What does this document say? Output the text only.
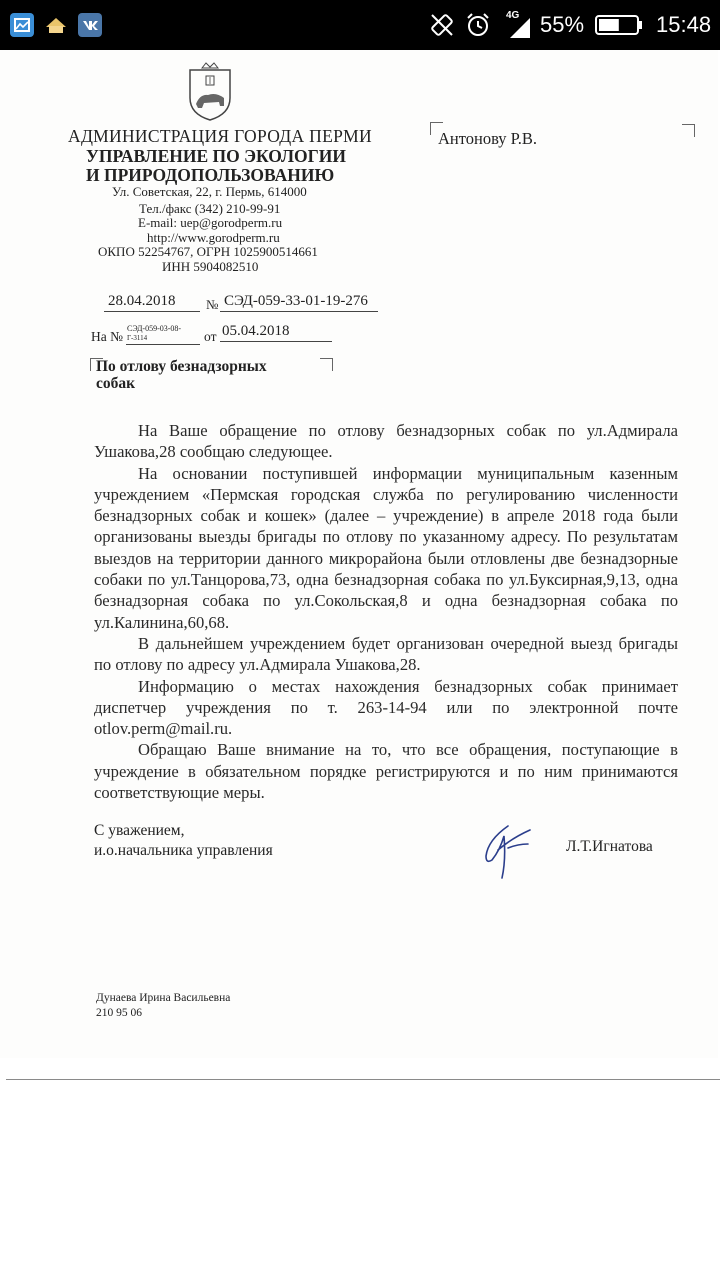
4G 55%	15:48
АДМИНИСТРАЦИЯ ГОРОДА ПЕРМИ
УПРАВЛЕНИЕ ПО ЭКОЛОГИИ
И ПРИРОДОПОЛЬЗОВАНИЮ
Ул. Советская, 22, г. Пермь, 614000
Тел./факс (342) 210-99-91
E-mail: uep@gorodperm.ru
http://www.gorodperm.ru
ОКПО 52254767, ОГРН 1025900514661
ИНН 5904082510
Антонову Р.В.
28.04.2018 № СЭД-059-33-01-19-276
На №
СЭД-059-03-08-
Г-3114	от 05.04.2018
По отлову безнадзорных
собак

На Ваше обращение по отлову безнадзорных собак по ул.Адмирала Ушакова,28 сообщаю следующее.

На основании поступившей информации муниципальным казенным учреждением «Пермская городская служба по регулированию численности безнадзорных собак и кошек» (далее – учреждение) в апреле 2018 года были организованы выезды бригады по отлову по указанному адресу. По результатам выездов на территории данного микрорайона были отловлены две безнадзорные собаки по ул.Танцорова,73, одна безнадзорная собака по ул.Буксирная,9,13, одна безнадзорная собака по ул.Сокольская,8 и одна безнадзорная собака по ул.Калинина,60,68.

В дальнейшем учреждением будет организован очередной выезд бригады по отлову по адресу ул.Адмирала Ушакова,28.

Информацию о местах нахождения безнадзорных собак принимает диспетчер учреждения по т. 263-14-94 или по электронной почте otlov.perm@mail.ru.

Обращаю Ваше внимание на то, что все обращения, поступающие в учреждение в обязательном порядке регистрируются и по ним принимаются соответствующие меры.

С уважением,
и.о.начальника управления	Л.Т.Игнатова
Дунаева Ирина Васильевна
210 95 06
